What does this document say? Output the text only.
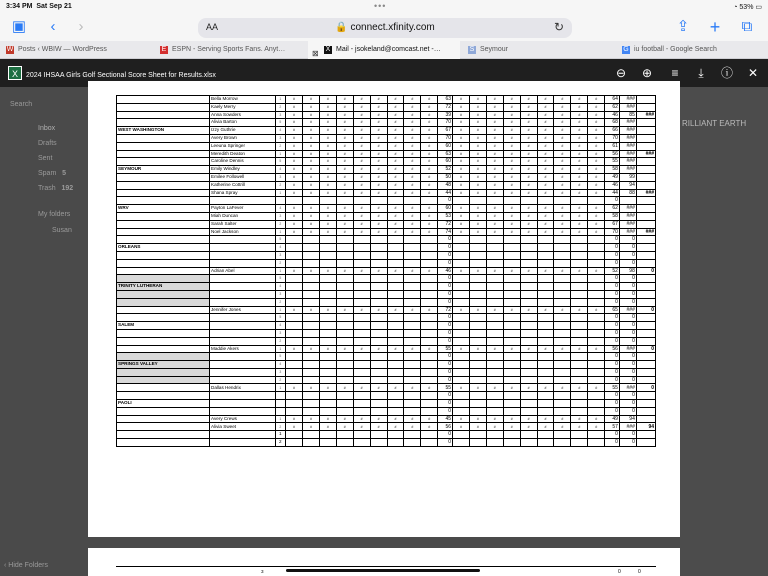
3:34 PM Sat Sep 21	•••	◔ 53% ▭
▣	‹	›	AA	🔒 connect.xfinity.com	↻	⇪ + ⧉
W Posts ‹ WBIW — WordPress	E ESPN - Serving Sports Fans. Anyt…	X
⊠ Mail - jsokeland@comcast.net -…	S Seymour	G iu football - Google Search
Search
Inbox
Drafts
Sent
Spam 5
Trash 192
My folders
Susan
X	2024 IHSAA Girls Golf Sectional Score Sheet for Results.xlsx	⊖ ⊕ ≡	⤓	ⓘ ✕
RILLIANT EARTH
	Bella Morrow	1	#	#	#	#	#	#	#	#	#	63	#	#	#	#	#	#	#	#	#	64	###	
	Kaely Merry	2	#	#	#	#	#	#	#	#	#	72	#	#	#	#	#	#	#	#	#	62	###	
	Anna Sowders	3	#	#	#	#	#	#	#	#	#	39	#	#	#	#	#	#	#	#	#	46	85	###
	Alivia Barton	5	#	#	#	#	#	#	#	#	#	70	#	#	#	#	#	#	#	#	#	68	###	
WEST WASHINGTON	Izzy Guthrie	4	#	#	#	#	#	#	#	#	#	67	#	#	#	#	#	#	#	#	#	66	###	
	Avery Brown	3	#	#	#	#	#	#	#	#	#	70	#	#	#	#	#	#	#	#	#	70	###	
	Leeuna Springer	2	#	#	#	#	#	#	#	#	#	60	#	#	#	#	#	#	#	#	#	61	###	
	Meredith Deaton	1	#	#	#	#	#	#	#	#	#	63	#	#	#	#	#	#	#	#	#	56	###	###
	Caroline Dennis	5	#	#	#	#	#	#	#	#	#	60	#	#	#	#	#	#	#	#	#	55	###	
SEYMOUR	Emily Windley	4	#	#	#	#	#	#	#	#	#	52	#	#	#	#	#	#	#	#	#	58	###	
	Emilee Followell	3	#	#	#	#	#	#	#	#	#	50	#	#	#	#	#	#	#	#	#	49	99	
	Katherine Cottrill	2	#	#	#	#	#	#	#	#	#	48	#	#	#	#	#	#	#	#	#	46	94	
	Shana Spray	1	#	#	#	#	#	#	#	#	#	44	#	#	#	#	#	#	#	#	#	44	88	###
												0										0		
WRV	Payton LaFever	4	#	#	#	#	#	#	#	#	#	60	#	#	#	#	#	#	#	#	#	62	###	
	Miah Duncan	3	#	#	#	#	#	#	#	#	#	53	#	#	#	#	#	#	#	#	#	58	###	
	Sarah Salter	2	#	#	#	#	#	#	#	#	#	72	#	#	#	#	#	#	#	#	#	67	###	
	Noel Jackson	1	#	#	#	#	#	#	#	#	#	74	#	#	#	#	#	#	#	#	#	70	###	###
		5										0										0	0	
ORLEANS		4										0										0	0	
		3										0										0	0	
		2										0										0	0	
	Adrian Abel	1	#	#	#	#	#	#	#	#	#	46	#	#	#	#	#	#	#	#	#	52	98	0
		5										0										0	0	
TRINITY LUTHERAN		4										0										0	0	
		3										0										0	0	
		2										0										0	0	
	Jennifer Jones	1	#	#	#	#	#	#	#	#	#	72	#	#	#	#	#	#	#	#	#	65	###	0
		5										0										0	0	
SALEM		4										0										0	0	
		3										0										0	0	
		2										0										0	0	
	Maddie Akers	1	#	#	#	#	#	#	#	#	#	55	#	#	#	#	#	#	#	#	#	56	###	0
		5										0										0	0	
SPRINGS VALLEY		4										0										0	0	
		3										0										0	0	
		2										0										0	0	
	Dallas Hendrix	1	#	#	#	#	#	#	#	#	#	55	#	#	#	#	#	#	#	#	#	55	###	0
												0										0	0	
PAOLI												0										0	0	
												0										0	0	
	Avery Crews	1	#	#	#	#	#	#	#	#	#	45	#	#	#	#	#	#	#	#	#	49	94	
	Alivia Sweet	2	#	#	#	#	#	#	#	#	#	56	#	#	#	#	#	#	#	#	#	57	###	94
		1										0										0	0	
		2										0										0	0	
3	0	0
‹ Hide Folders
